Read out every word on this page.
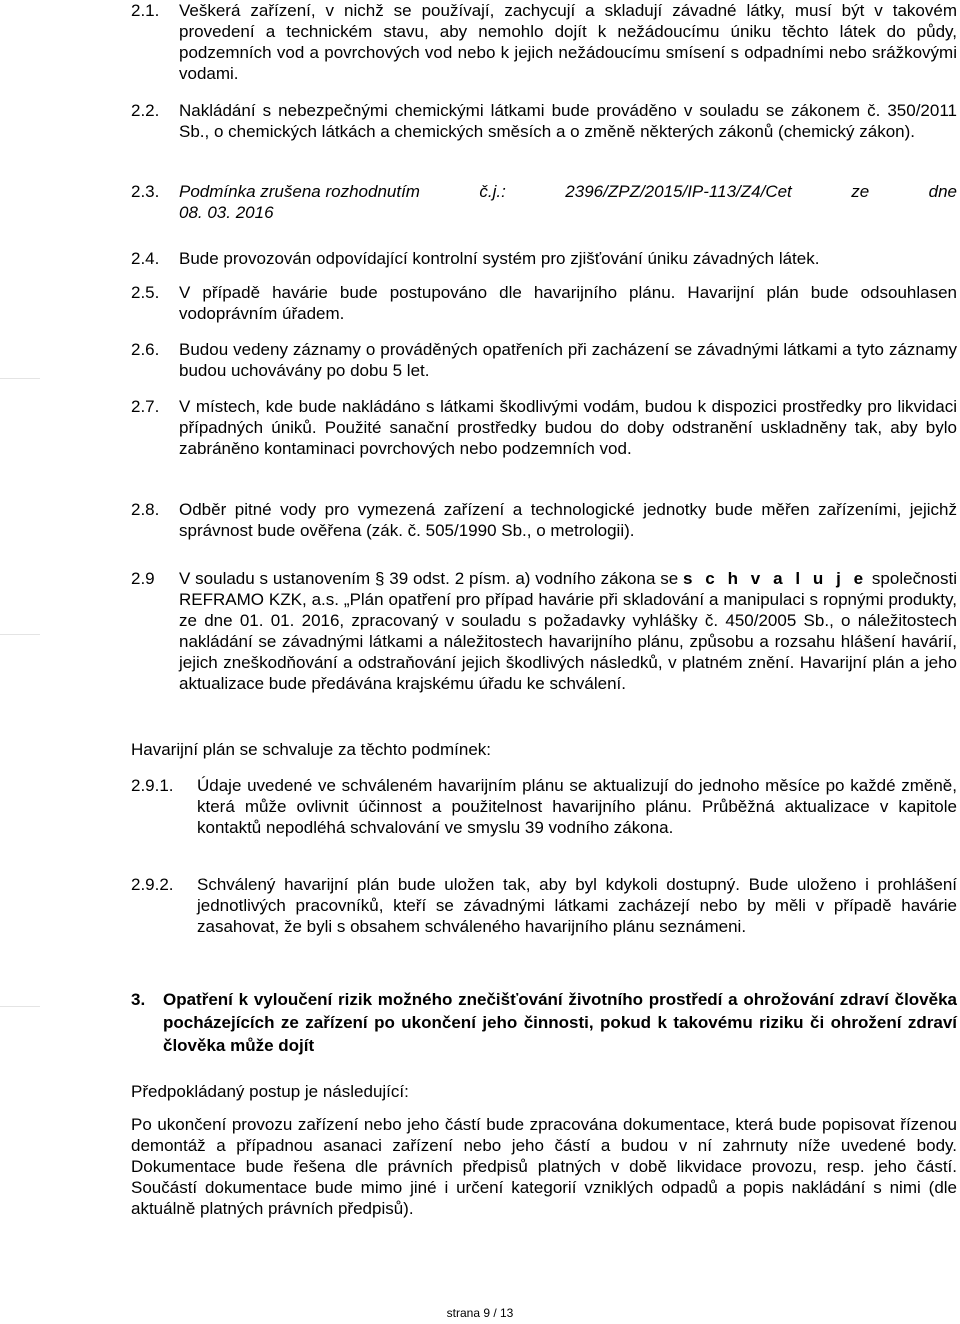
2.1.	Veškerá zařízení, v nichž se používají, zachycují a skladují závadné látky, musí být v takovém provedení a technickém stavu, aby nemohlo dojít k nežádoucímu úniku těchto látek do půdy, podzemních vod a povrchových vod nebo k jejich nežádoucímu smísení s odpadními nebo srážkovými vodami.
2.2.	Nakládání s nebezpečnými chemickými látkami bude prováděno v souladu se zákonem č. 350/2011 Sb., o chemických látkách a chemických směsích a o změně některých zákonů (chemický zákon).
2.3.	Podmínka zrušena rozhodnutím	č.j.:	2396/ZPZ/2015/IP-113/Z4/Cet	ze	dne
08. 03. 2016
2.4.	Bude provozován odpovídající kontrolní systém pro zjišťování úniku závadných látek.
2.5.	V případě havárie bude postupováno dle havarijního plánu. Havarijní plán bude odsouhlasen vodoprávním úřadem.
2.6.	Budou vedeny záznamy o prováděných opatřeních při zacházení se závadnými látkami a tyto záznamy budou uchovávány po dobu 5 let.
2.7.	V místech, kde bude nakládáno s látkami škodlivými vodám, budou k dispozici prostředky pro likvidaci případných úniků. Použité sanační prostředky budou do doby odstranění uskladněny tak, aby bylo zabráněno kontaminaci povrchových nebo podzemních vod.
2.8.	Odběr pitné vody pro vymezená zařízení a technologické jednotky bude měřen zařízeními, jejichž správnost bude ověřena (zák. č. 505/1990 Sb., o metrologii).
2.9	V souladu s ustanovením § 39 odst. 2 písm. a) vodního zákona se s c h v a l u j e společnosti REFRAMO KZK, a.s. „Plán opatření pro případ havárie při skladování a manipulaci s ropnými produkty, ze dne 01. 01. 2016, zpracovaný v souladu s požadavky vyhlášky č. 450/2005 Sb., o náležitostech nakládání se závadnými látkami a náležitostech havarijního plánu, způsobu a rozsahu hlášení havárií, jejich zneškodňování a odstraňování jejich škodlivých následků, v platném znění. Havarijní plán a jeho aktualizace bude předávána krajskému úřadu ke schválení.
Havarijní plán se schvaluje za těchto podmínek:
2.9.1.	Údaje uvedené ve schváleném havarijním plánu se aktualizují do jednoho měsíce po každé změně, která může ovlivnit účinnost a použitelnost havarijního plánu. Průběžná aktualizace v kapitole kontaktů nepodléhá schvalování ve smyslu 39 vodního zákona.
2.9.2.	Schválený havarijní plán bude uložen tak, aby byl kdykoli dostupný. Bude uloženo i prohlášení jednotlivých pracovníků, kteří se závadnými látkami zacházejí nebo by měli v případě havárie zasahovat, že byli s obsahem schváleného havarijního plánu seznámeni.
3.	Opatření k vyloučení rizik možného znečišťování životního prostředí a ohrožování zdraví člověka pocházejících ze zařízení po ukončení jeho činnosti, pokud k takovému riziku či ohrožení zdraví člověka může dojít
Předpokládaný postup je následující:
Po ukončení provozu zařízení nebo jeho částí bude zpracována dokumentace, která bude popisovat řízenou demontáž a případnou asanaci zařízení nebo jeho částí a budou v ní zahrnuty níže uvedené body. Dokumentace bude řešena dle právních předpisů platných v době likvidace provozu, resp. jeho částí. Součástí dokumentace bude mimo jiné i určení kategorií vzniklých odpadů a popis nakládání s nimi (dle aktuálně platných právních předpisů).
strana 9 / 13
